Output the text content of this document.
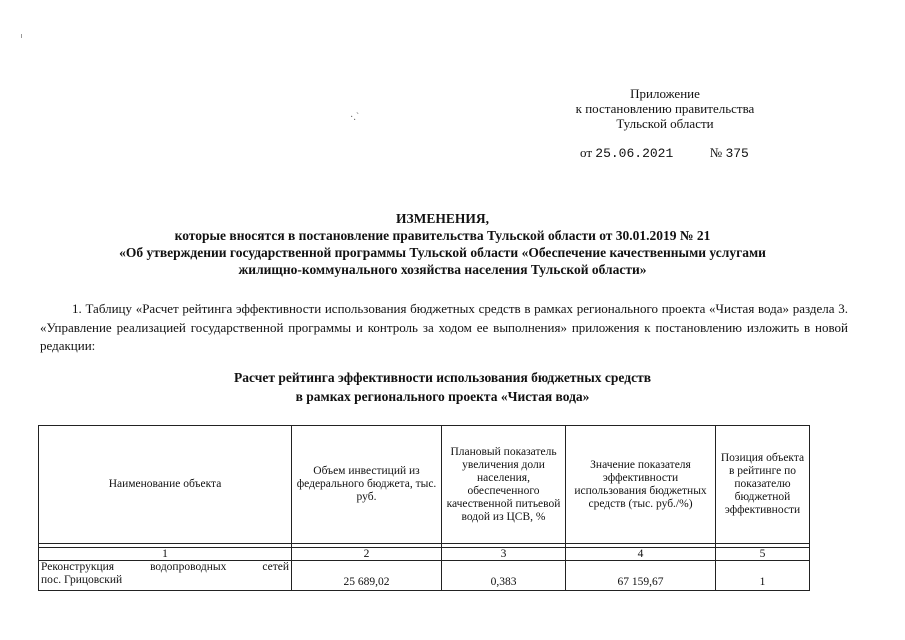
·.`
Приложение
к постановлению правительства
Тульской области
от 25.06.2021	№ 375
ИЗМЕНЕНИЯ,
которые вносятся в постановление правительства Тульской области от 30.01.2019 № 21
«Об утверждении государственной программы Тульской области «Обеспечение качественными услугами
жилищно-коммунального хозяйства населения Тульской области»
1. Таблицу «Расчет рейтинга эффективности использования бюджетных средств в рамках регионального проекта «Чистая вода» раздела 3. «Управление реализацией государственной программы и контроль за ходом ее выполнения» приложения к постановлению изложить в новой редакции:
Расчет рейтинга эффективности использования бюджетных средств
в рамках регионального проекта «Чистая вода»
Наименование объекта	Объем инвестиций из федерального бюджета, тыс. руб.	Плановый показатель увеличения доли населения, обеспеченного качественной питьевой водой из ЦСВ, %	Значение показателя эффективности использования бюджетных средств (тыс. руб./%)	Позиция объекта в рейтинге по показателю бюджетной эффективности

1	2	3	4	5

Реконструкция водопроводных сетей
пос. Грицовский	25 689,02	0,383	67 159,67	1
